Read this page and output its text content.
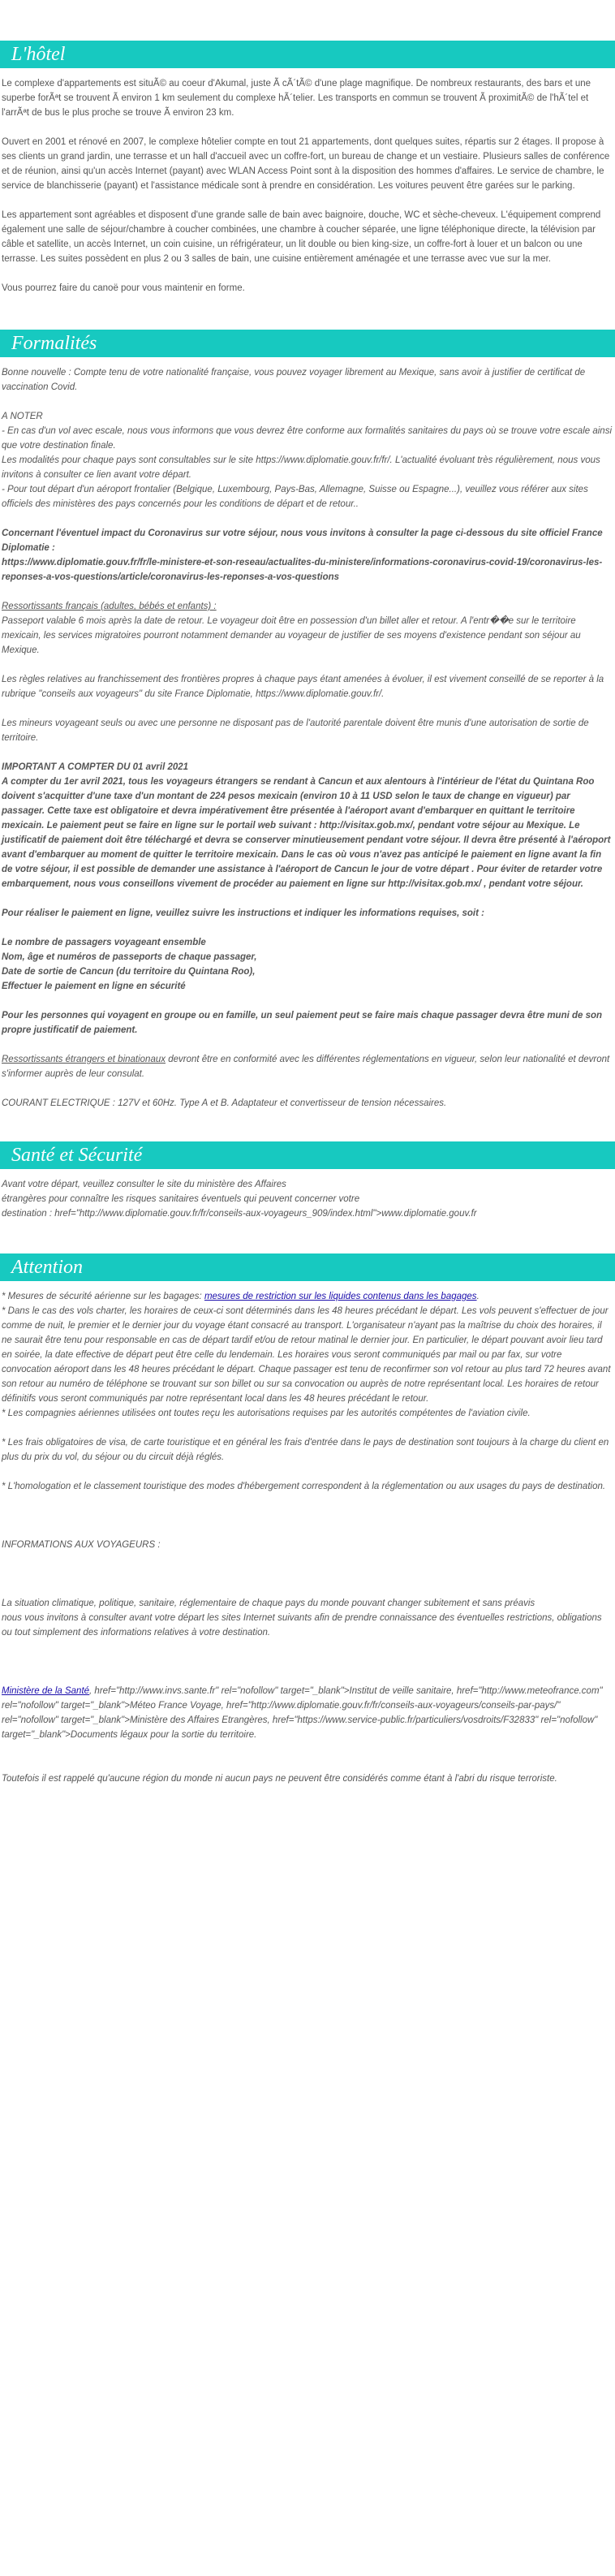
L'hôtel

Le complexe d'appartements est situÃ© au coeur d'Akumal, juste Ã cÃ´tÃ© d'une plage magnifique. De nombreux restaurants, des bars et une superbe forÃªt se trouvent Ã environ 1 km seulement du complexe hÃ´telier. Les transports en commun se trouvent Ã proximitÃ© de l'hÃ´tel et l'arrÃªt de bus le plus proche se trouve Ã environ 23 km.

Ouvert en 2001 et rénové en 2007, le complexe hôtelier compte en tout 21 appartements, dont quelques suites, répartis sur 2 étages. Il propose à ses clients un grand jardin, une terrasse et un hall d'accueil avec un coffre-fort, un bureau de change et un vestiaire. Plusieurs salles de conférence et de réunion, ainsi qu'un accès Internet (payant) avec WLAN Access Point sont à la disposition des hommes d'affaires. Le service de chambre, le service de blanchisserie (payant) et l'assistance médicale sont à prendre en considération. Les voitures peuvent être garées sur le parking.

Les appartement sont agréables et disposent d'une grande salle de bain avec baignoire, douche, WC et sèche-cheveux. L'équipement comprend également une salle de séjour/chambre à coucher combinées, une chambre à coucher séparée, une ligne téléphonique directe, la télévision par câble et satellite, un accès Internet, un coin cuisine, un réfrigérateur, un lit double ou bien king-size, un coffre-fort à louer et un balcon ou une terrasse. Les suites possèdent en plus 2 ou 3 salles de bain, une cuisine entièrement aménagée et une terrasse avec vue sur la mer.

Vous pourrez faire du canoë pour vous maintenir en forme.

Formalités

Bonne nouvelle : Compte tenu de votre nationalité française, vous pouvez voyager librement au Mexique, sans avoir à justifier de certificat de vaccination Covid.

A NOTER

- En cas d'un vol avec escale, nous vous informons que vous devrez être conforme aux formalités sanitaires du pays où se trouve votre escale ainsi que votre destination finale.

Les modalités pour chaque pays sont consultables sur le site https://www.diplomatie.gouv.fr/fr/. L'actualité évoluant très régulièrement, nous vous invitons à consulter ce lien avant votre départ.

- Pour tout départ d'un aéroport frontalier (Belgique, Luxembourg, Pays-Bas, Allemagne, Suisse ou Espagne...), veuillez vous référer aux sites officiels des ministères des pays concernés pour les conditions de départ et de retour..

Concernant l'éventuel impact du Coronavirus sur votre séjour, nous vous invitons à consulter la page ci-dessous du site officiel France Diplomatie :

https://www.diplomatie.gouv.fr/fr/le-ministere-et-son-reseau/actualites-du-ministere/informations-coronavirus-covid-19/coronavirus-les-reponses-a-vos-questions/article/coronavirus-les-reponses-a-vos-questions

Ressortissants français (adultes, bébés et enfants) :

Passeport valable 6 mois après la date de retour. Le voyageur doit être en possession d'un billet aller et retour. A l'entr��e sur le territoire mexicain, les services migratoires pourront notamment demander au voyageur de justifier de ses moyens d'existence pendant son séjour au Mexique.

Les règles relatives au franchissement des frontières propres à chaque pays étant amenées à évoluer, il est vivement conseillé de se reporter à la rubrique "conseils aux voyageurs" du site France Diplomatie, https://www.diplomatie.gouv.fr/.

Les mineurs voyageant seuls ou avec une personne ne disposant pas de l'autorité parentale doivent être munis d'une autorisation de sortie de territoire.

IMPORTANT A COMPTER DU 01 avril 2021

A compter du 1er avril 2021, tous les voyageurs étrangers se rendant à Cancun et aux alentours à l'intérieur de l'état du Quintana Roo doivent s'acquitter d'une taxe d'un montant de 224 pesos mexicain (environ 10 à 11 USD selon le taux de change en vigueur) par passager. Cette taxe est obligatoire et devra impérativement être présentée à l'aéroport avant d'embarquer en quittant le territoire mexicain. Le paiement peut se faire en ligne sur le portail web suivant : http://visitax.gob.mx/, pendant votre séjour au Mexique. Le justificatif de paiement doit être téléchargé et devra se conserver minutieusement pendant votre séjour. Il devra être présenté à l'aéroport avant d'embarquer au moment de quitter le territoire mexicain. Dans le cas où vous n'avez pas anticipé le paiement en ligne avant la fin de votre séjour, il est possible de demander une assistance à l'aéroport de Cancun le jour de votre départ . Pour éviter de retarder votre embarquement, nous vous conseillons vivement de procéder au paiement en ligne sur http://visitax.gob.mx/ , pendant votre séjour.

Pour réaliser le paiement en ligne, veuillez suivre les instructions et indiquer les informations requises, soit :

Le nombre de passagers voyageant ensemble

Nom, âge et numéros de passeports de chaque passager,

Date de sortie de Cancun (du territoire du Quintana Roo),

Effectuer le paiement en ligne en sécurité

Pour les personnes qui voyagent en groupe ou en famille, un seul paiement peut se faire mais chaque passager devra être muni de son propre justificatif de paiement.

Ressortissants étrangers et binationaux devront être en conformité avec les différentes réglementations en vigueur, selon leur nationalité et devront s'informer auprès de leur consulat.

COURANT ELECTRIQUE : 127V et 60Hz. Type A et B. Adaptateur et convertisseur de tension nécessaires.

Santé et Sécurité

Avant votre départ, veuillez consulter le site du ministère des Affaires

étrangères pour connaître les risques sanitaires éventuels qui peuvent concerner votre

destination : href="http://www.diplomatie.gouv.fr/fr/conseils-aux-voyageurs_909/index.html">www.diplomatie.gouv.fr

Attention

* Mesures de sécurité aérienne sur les bagages: mesures de restriction sur les liquides contenus dans les bagages.

* Dans le cas des vols charter, les horaires de ceux-ci sont déterminés dans les 48 heures précédant le départ. Les vols peuvent s'effectuer de jour comme de nuit, le premier et le dernier jour du voyage étant consacré au transport. L'organisateur n'ayant pas la maîtrise du choix des horaires, il ne saurait être tenu pour responsable en cas de départ tardif et/ou de retour matinal le dernier jour. En particulier, le départ pouvant avoir lieu tard en soirée, la date effective de départ peut être celle du lendemain. Les horaires vous seront communiqués par mail ou par fax, sur votre convocation aéroport dans les 48 heures précédant le départ. Chaque passager est tenu de reconfirmer son vol retour au plus tard 72 heures avant son retour au numéro de téléphone se trouvant sur son billet ou sur sa convocation ou auprès de notre représentant local. Les horaires de retour définitifs vous seront communiqués par notre représentant local dans les 48 heures précédant le retour.

* Les compagnies aériennes utilisées ont toutes reçu les autorisations requises par les autorités compétentes de l'aviation civile.

* Les frais obligatoires de visa, de carte touristique et en général les frais d'entrée dans le pays de destination sont toujours à la charge du client en plus du prix du vol, du séjour ou du circuit déjà réglés.

* L'homologation et le classement touristique des modes d'hébergement correspondent à la réglementation ou aux usages du pays de destination.

INFORMATIONS AUX VOYAGEURS :

La situation climatique, politique, sanitaire, réglementaire de chaque pays du monde pouvant changer subitement et sans préavis

nous vous invitons à consulter avant votre départ les sites Internet suivants afin de prendre connaissance des éventuelles restrictions, obligations ou tout simplement des informations relatives à votre destination.

Ministère de la Santé, href="http://www.invs.sante.fr" rel="nofollow" target="_blank">Institut de veille sanitaire, href="http://www.meteofrance.com" rel="nofollow" target="_blank">Méteo France Voyage, href="http://www.diplomatie.gouv.fr/fr/conseils-aux-voyageurs/conseils-par-pays/" rel="nofollow" target="_blank">Ministère des Affaires Etrangères, href="https://www.service-public.fr/particuliers/vosdroits/F32833" rel="nofollow" target="_blank">Documents légaux pour la sortie du territoire.

Toutefois il est rappelé qu'aucune région du monde ni aucun pays ne peuvent être considérés comme étant à l'abri du risque terroriste.
